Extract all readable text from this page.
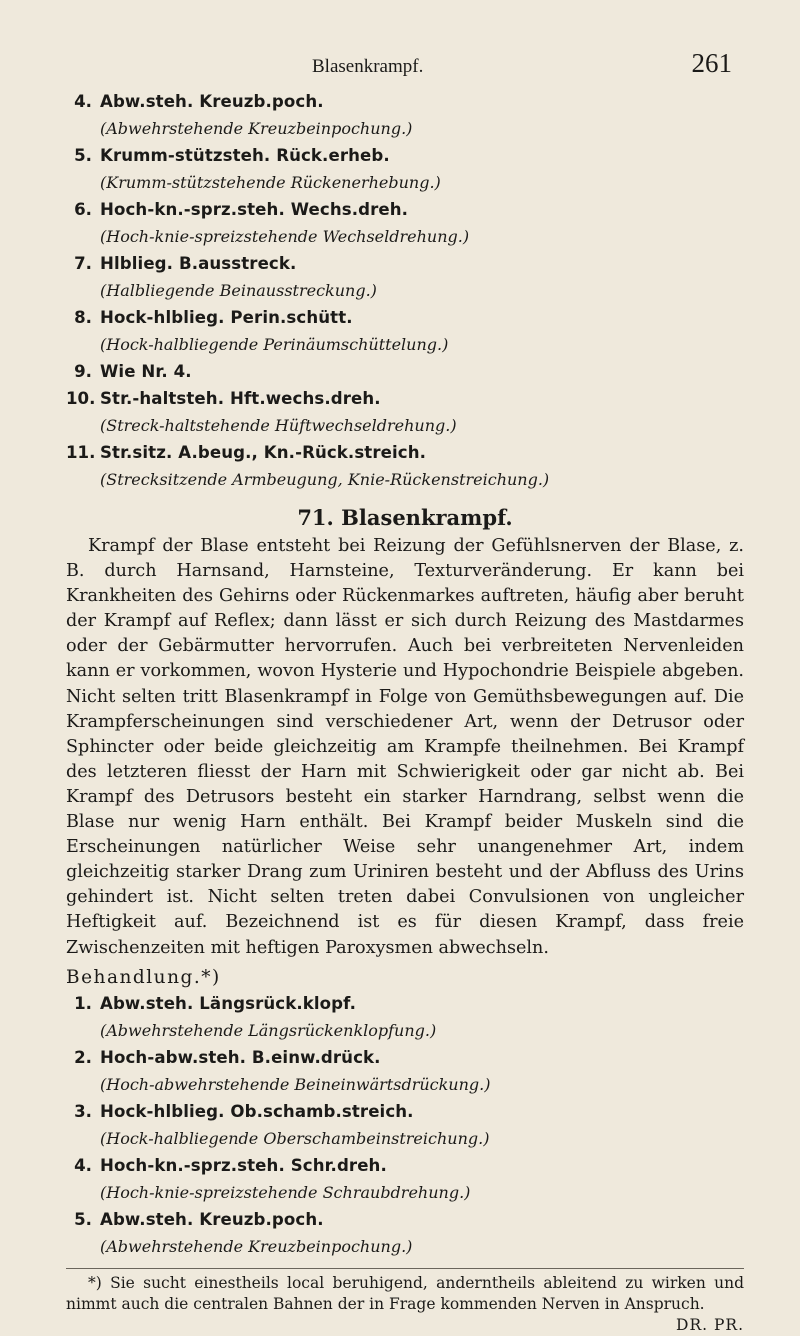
Blasenkrampf.	261
4. Abw.steh. Kreuzb.poch.
(Abwehrstehende Kreuzbeinpochung.)
5. Krumm-stützsteh. Rück.erheb.
(Krumm-stützstehende Rückenerhebung.)
6. Hoch-kn.-sprz.steh. Wechs.dreh.
(Hoch-knie-spreizstehende Wechseldrehung.)
7. Hlblieg. B.ausstreck.
(Halbliegende Beinausstreckung.)
8. Hock-hlblieg. Perin.schütt.
(Hock-halbliegende Perinäumschüttelung.)
9. Wie Nr. 4.
10. Str.-haltsteh. Hft.wechs.dreh.
(Streck-haltstehende Hüftwechseldrehung.)
11. Str.sitz. A.beug., Kn.-Rück.streich.
(Strecksitzende Armbeugung, Knie-Rückenstreichung.)
71. Blasenkrampf.

Krampf der Blase entsteht bei Reizung der Gefühlsnerven der Blase, z. B. durch Harnsand, Harnsteine, Texturveränderung. Er kann bei Krankheiten des Gehirns oder Rückenmarkes auftreten, häufig aber beruht der Krampf auf Reflex; dann lässt er sich durch Reizung des Mastdarmes oder der Gebärmutter hervorrufen. Auch bei verbreiteten Nervenleiden kann er vorkommen, wovon Hysterie und Hypochondrie Beispiele abgeben. Nicht selten tritt Blasenkrampf in Folge von Gemüthsbewegungen auf. Die Krampferscheinungen sind verschiedener Art, wenn der Detrusor oder Sphincter oder beide gleichzeitig am Krampfe theilnehmen. Bei Krampf des letzteren fliesst der Harn mit Schwierigkeit oder gar nicht ab. Bei Krampf des Detrusors besteht ein starker Harndrang, selbst wenn die Blase nur wenig Harn enthält. Bei Krampf beider Muskeln sind die Erscheinungen natürlicher Weise sehr unangenehmer Art, indem gleichzeitig starker Drang zum Uriniren besteht und der Abfluss des Urins gehindert ist. Nicht selten treten dabei Convulsionen von ungleicher Heftigkeit auf. Bezeichnend ist es für diesen Krampf, dass freie Zwischenzeiten mit heftigen Paroxysmen abwechseln.

Behandlung.*)
1. Abw.steh. Längsrück.klopf.
(Abwehrstehende Längsrückenklopfung.)
2. Hoch-abw.steh. B.einw.drück.
(Hoch-abwehrstehende Beineinwärtsdrückung.)
3. Hock-hlblieg. Ob.schamb.streich.
(Hock-halbliegende Oberschambeinstreichung.)
4. Hoch-kn.-sprz.steh. Schr.dreh.
(Hoch-knie-spreizstehende Schraubdrehung.)
5. Abw.steh. Kreuzb.poch.
(Abwehrstehende Kreuzbeinpochung.)
*) Sie sucht einestheils local beruhigend, anderntheils ableitend zu wirken und nimmt auch die centralen Bahnen der in Frage kommenden Nerven in Anspruch.
DR. PR.
